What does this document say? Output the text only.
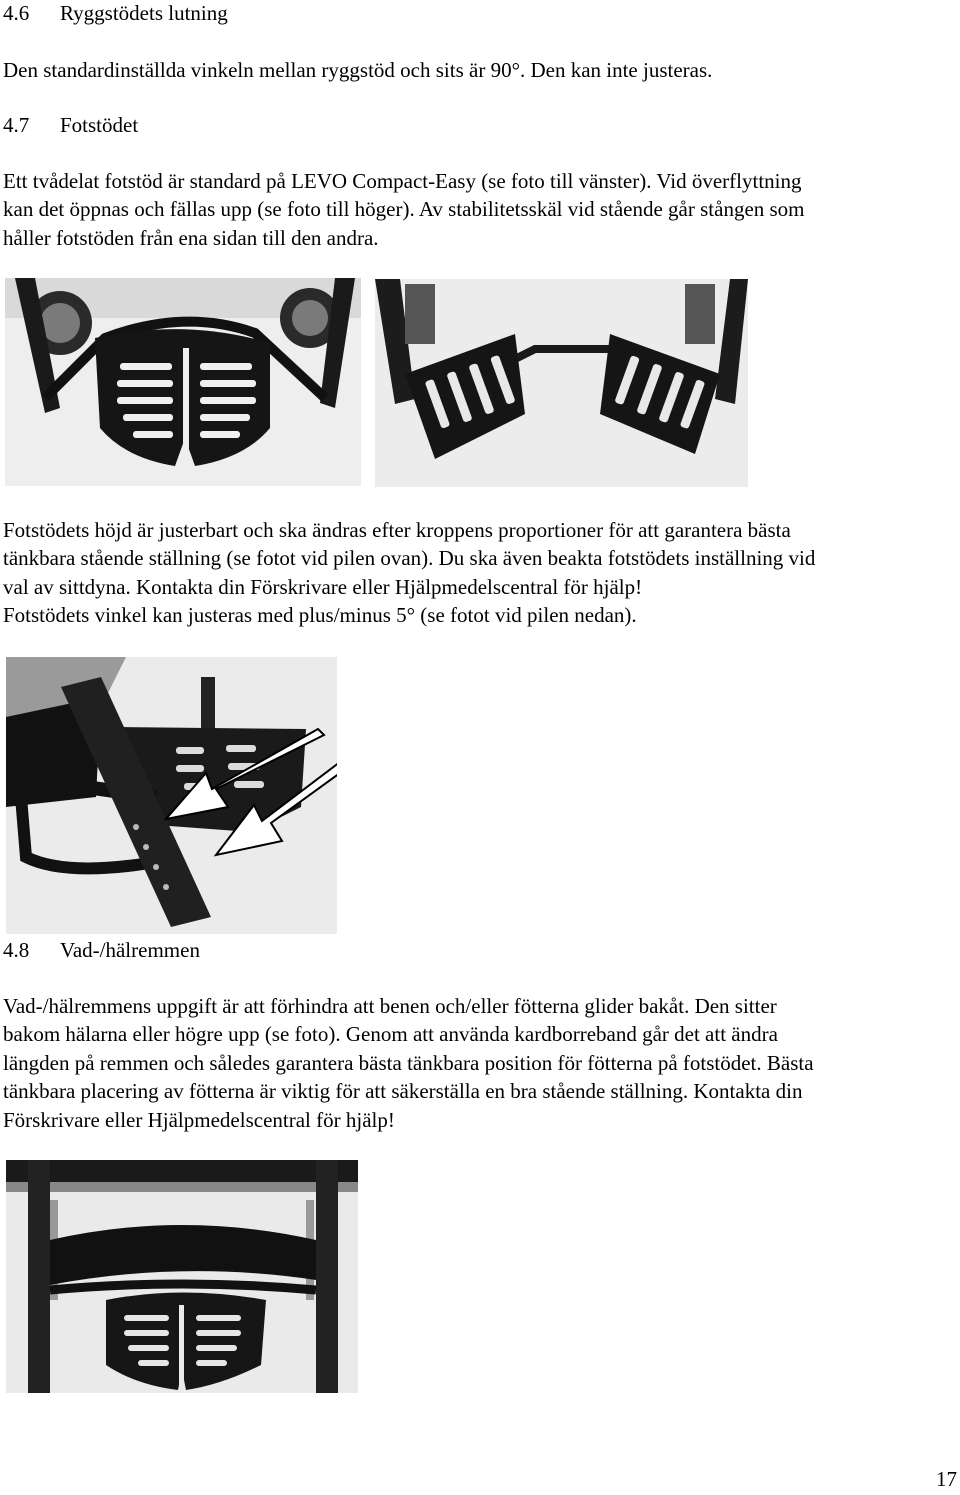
4.6 Ryggstödets lutning

Den standardinställda vinkeln mellan ryggstöd och sits är 90°. Den kan inte justeras.

4.7 Fotstödet

Ett tvådelat fotstöd är standard på LEVO Compact-Easy (se foto till vänster). Vid överflyttning
kan det öppnas och fällas upp (se foto till höger). Av stabilitetsskäl vid stående går stången som
håller fotstöden från ena sidan till den andra.

Fotstödets höjd är justerbart och ska ändras efter kroppens proportioner för att garantera bästa
tänkbara stående ställning (se fotot vid pilen ovan). Du ska även beakta fotstödets inställning vid
val av sittdyna. Kontakta din Förskrivare eller Hjälpmedelscentral för hjälp!
Fotstödets vinkel kan justeras med plus/minus 5° (se fotot vid pilen nedan).

4.8 Vad-/hälremmen

Vad-/hälremmens uppgift är att förhindra att benen och/eller fötterna glider bakåt. Den sitter
bakom hälarna eller högre upp (se foto). Genom att använda kardborreband går det att ändra
längden på remmen och således garantera bästa tänkbara position för fötterna på fotstödet. Bästa
tänkbara placering av fötterna är viktig för att säkerställa en bra stående ställning. Kontakta din
Förskrivare eller Hjälpmedelscentral för hjälp!

17
